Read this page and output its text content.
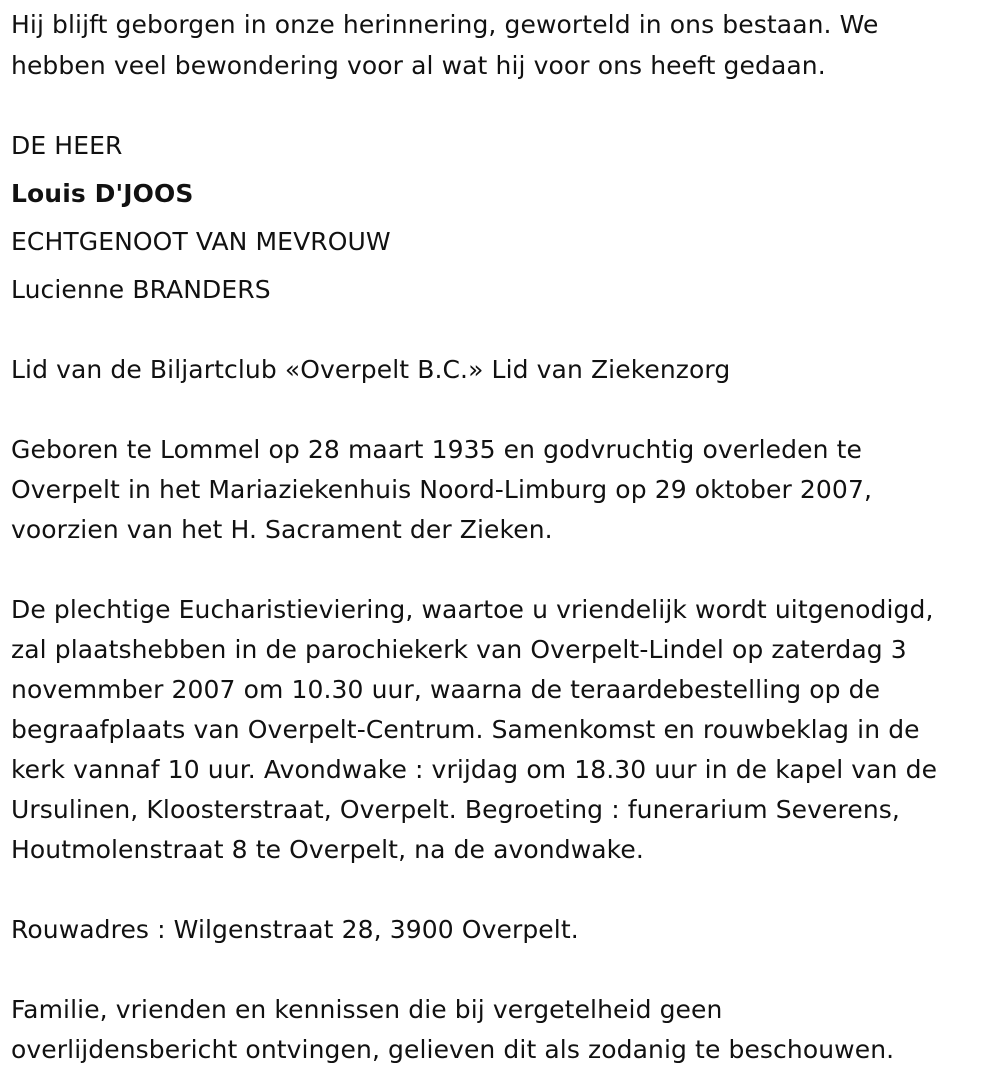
Hij blijft geborgen in onze herinnering, geworteld in ons bestaan. We
hebben veel bewondering voor al wat hij voor ons heeft gedaan.
DE HEER
Louis D'JOOS
ECHTGENOOT VAN MEVROUW
Lucienne BRANDERS
Lid van de Biljartclub «Overpelt B.C.» Lid van Ziekenzorg
Geboren te Lommel op 28 maart 1935 en godvruchtig overleden te
Overpelt in het Mariaziekenhuis Noord-Limburg op 29 oktober 2007,
voorzien van het H. Sacrament der Zieken.
De plechtige Eucharistieviering, waartoe u vriendelijk wordt uitgenodigd,
zal plaatshebben in de parochiekerk van Overpelt-Lindel op zaterdag 3
novemmber 2007 om 10.30 uur, waarna de teraardebestelling op de
begraafplaats van Overpelt-Centrum. Samenkomst en rouwbeklag in de
kerk vannaf 10 uur. Avondwake : vrijdag om 18.30 uur in de kapel van de
Ursulinen, Kloosterstraat, Overpelt. Begroeting : funerarium Severens,
Houtmolenstraat 8 te Overpelt, na de avondwake.
Rouwadres : Wilgenstraat 28, 3900 Overpelt.
Familie, vrienden en kennissen die bij vergetelheid geen
overlijdensbericht ontvingen, gelieven dit als zodanig te beschouwen.
